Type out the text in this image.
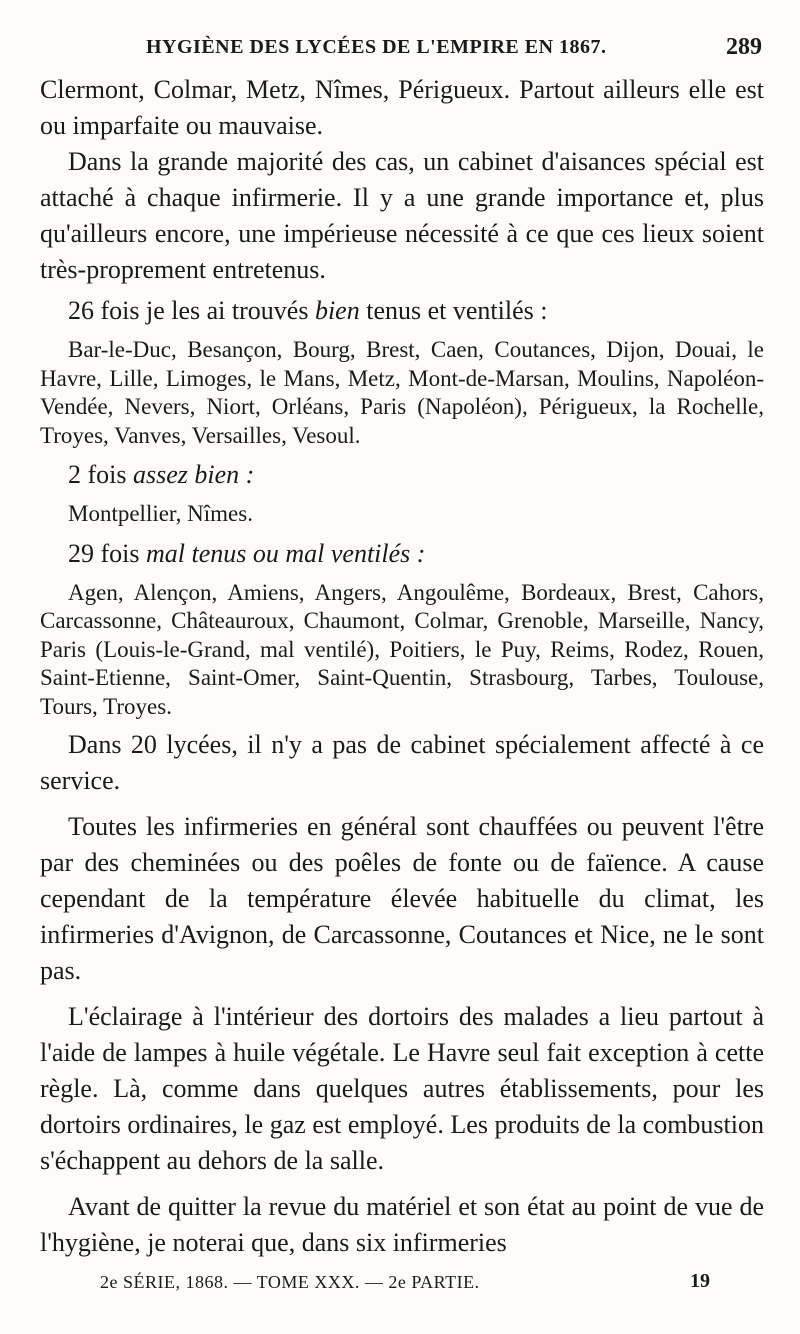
HYGIÈNE DES LYCÉES DE L'EMPIRE EN 1867.	289

Clermont, Colmar, Metz, Nîmes, Périgueux. Partout ailleurs elle est ou imparfaite ou mauvaise.

Dans la grande majorité des cas, un cabinet d'aisances spécial est attaché à chaque infirmerie. Il y a une grande importance et, plus qu'ailleurs encore, une impérieuse nécessité à ce que ces lieux soient très-proprement entretenus.

26 fois je les ai trouvés bien tenus et ventilés :

Bar-le-Duc, Besançon, Bourg, Brest, Caen, Coutances, Dijon, Douai, le Havre, Lille, Limoges, le Mans, Metz, Mont-de-Marsan, Moulins, Napoléon-Vendée, Nevers, Niort, Orléans, Paris (Napoléon), Périgueux, la Rochelle, Troyes, Vanves, Versailles, Vesoul.

2 fois assez bien :

Montpellier, Nîmes.

29 fois mal tenus ou mal ventilés :

Agen, Alençon, Amiens, Angers, Angoulême, Bordeaux, Brest, Cahors, Carcassonne, Châteauroux, Chaumont, Colmar, Grenoble, Marseille, Nancy, Paris (Louis-le-Grand, mal ventilé), Poitiers, le Puy, Reims, Rodez, Rouen, Saint-Etienne, Saint-Omer, Saint-Quentin, Strasbourg, Tarbes, Toulouse, Tours, Troyes.

Dans 20 lycées, il n'y a pas de cabinet spécialement affecté à ce service.

Toutes les infirmeries en général sont chauffées ou peuvent l'être par des cheminées ou des poêles de fonte ou de faïence. A cause cependant de la température élevée habituelle du climat, les infirmeries d'Avignon, de Carcassonne, Coutances et Nice, ne le sont pas.

L'éclairage à l'intérieur des dortoirs des malades a lieu partout à l'aide de lampes à huile végétale. Le Havre seul fait exception à cette règle. Là, comme dans quelques autres établissements, pour les dortoirs ordinaires, le gaz est employé. Les produits de la combustion s'échappent au dehors de la salle.

Avant de quitter la revue du matériel et son état au point de vue de l'hygiène, je noterai que, dans six infirmeries

2e SÉRIE, 1868. — TOME XXX. — 2e PARTIE.	19
